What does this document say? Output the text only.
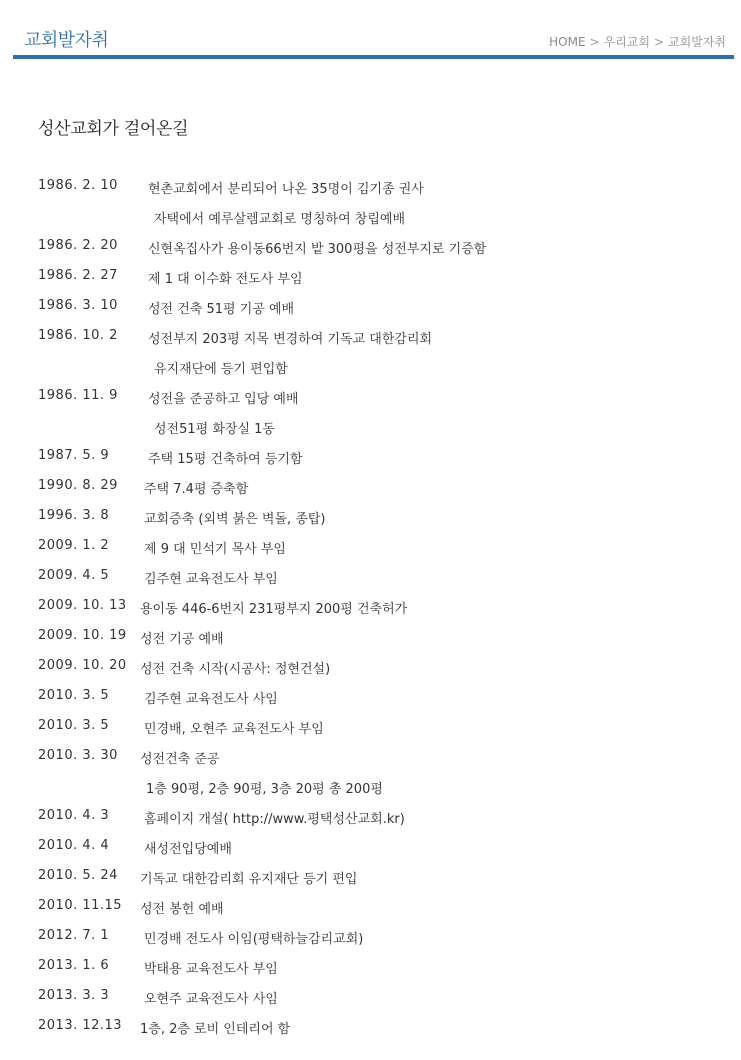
교회발자취	HOME > 우리교회 > 교회발자취
성산교회가 걸어온길
1986. 2. 10 현촌교회에서 분리되어 나온 35명이 김기종 권사
자택에서 예루살렘교회로 명칭하여 창립예배
1986. 2. 20 신현옥집사가 용이동66번지 밭 300평을 성전부지로 기증함
1986. 2. 27 제 1 대 이수화 전도사 부임
1986. 3. 10 성전 건축 51평 기공 예배
1986. 10. 2 성전부지 203평 지목 변경하여 기독교 대한감리회
유지재단에 등기 편입함
1986. 11. 9 성전을 준공하고 입당 예배
성전51평 화장실 1동
1987. 5. 9	주택 15평 건축하여 등기함
1990. 8. 29 주택 7.4평 증축함
1996. 3. 8	교회증축 (외벽 붉은 벽돌, 종탑)
2009. 1. 2	제 9 대 민석기 목사 부임
2009. 4. 5	김주현 교육전도사 부임
2009. 10. 13 용이동 446-6번지 231평부지 200평 건축허가
2009. 10. 19 성전 기공 예배
2009. 10. 20 성전 건축 시작(시공사: 정현건설)
2010. 3. 5	김주현 교육전도사 사임
2010. 3. 5	민경배, 오현주 교육전도사 부임
2010. 3. 30 성전건축 준공
1층 90평, 2층 90평, 3층 20평 총 200평
2010. 4. 3	홈페이지 개설( http://www.평택성산교회.kr)
2010. 4. 4	새성전입당예배
2010. 5. 24 기독교 대한감리회 유지재단 등기 편입
2010. 11.15 성전 봉헌 예배
2012. 7. 1	민경배 전도사 이임(평택하늘감리교회)
2013. 1. 6	박태용 교육전도사 부임
2013. 3. 3	오현주 교육전도사 사임
2013. 12.13 1층, 2층 로비 인테리어 함
